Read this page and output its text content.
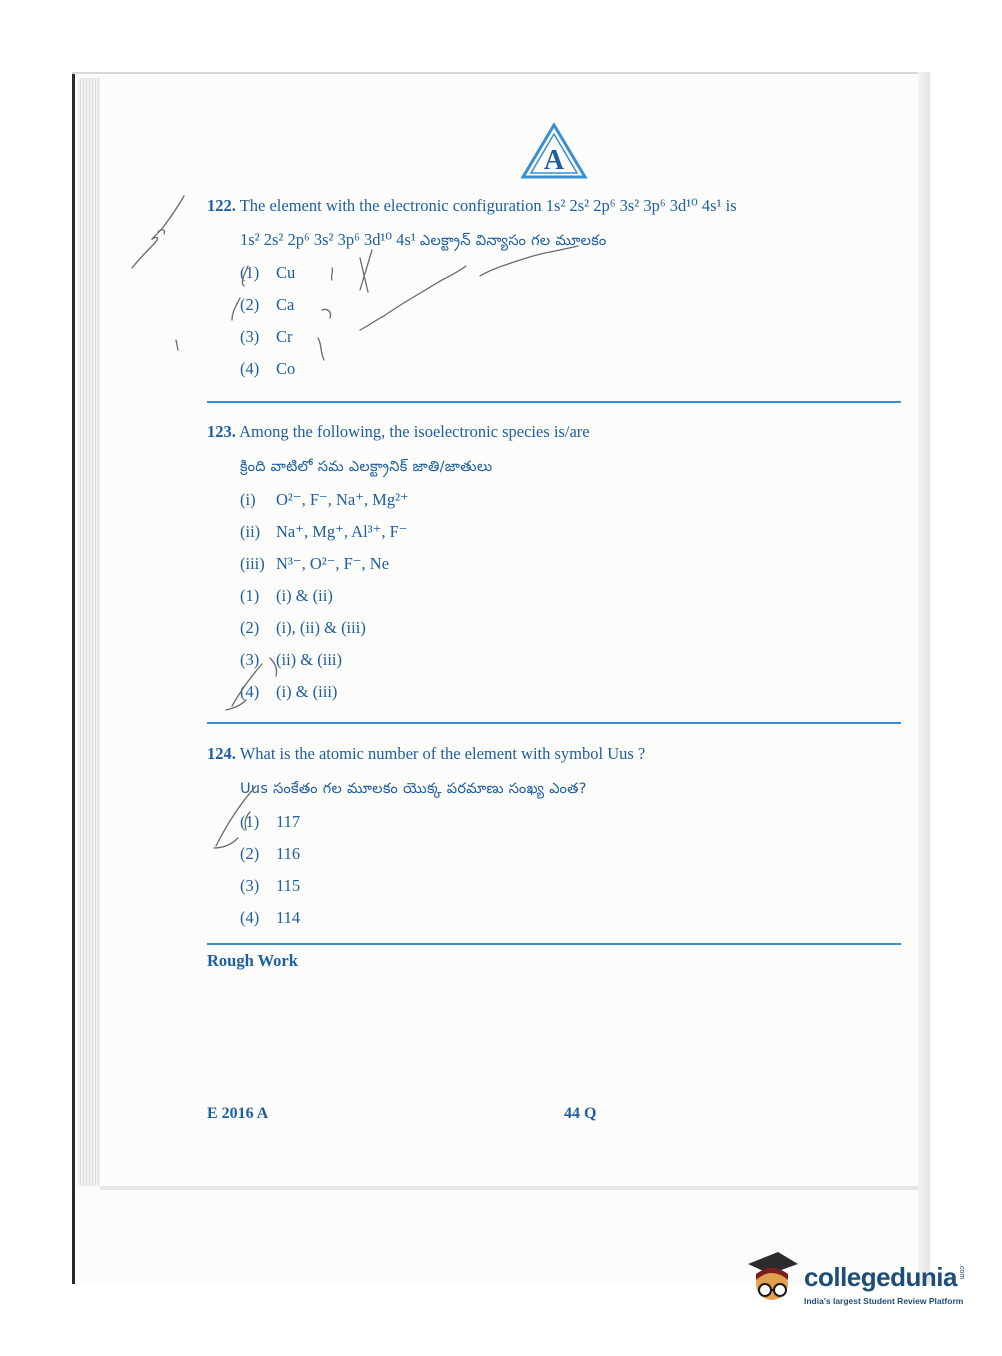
A
122. The element with the electronic configuration 1s² 2s² 2p⁶ 3s² 3p⁶ 3d¹⁰ 4s¹ is
1s² 2s² 2p⁶ 3s² 3p⁶ 3d¹⁰ 4s¹ ఎలక్ట్రాన్ విన్యాసం గల మూలకం
(1) Cu
(2) Ca
(3) Cr
(4) Co
123. Among the following, the isoelectronic species is/are
క్రింది వాటిలో సమ ఎలక్ట్రానిక్ జాతి/జాతులు
(i) O²⁻, F⁻, Na⁺, Mg²⁺
(ii) Na⁺, Mg⁺, Al³⁺, F⁻
(iii) N³⁻, O²⁻, F⁻, Ne
(1) (i) & (ii)
(2) (i), (ii) & (iii)
(3) (ii) & (iii)
(4) (i) & (iii)
124. What is the atomic number of the element with symbol Uus ?
Uus సంకేతం గల మూలకం యొక్క పరమాణు సంఖ్య ఎంత?
(1) 117
(2) 116
(3) 115
(4) 114
Rough Work
E 2016 A	44 Q
collegedunia .com
India's largest Student Review Platform
